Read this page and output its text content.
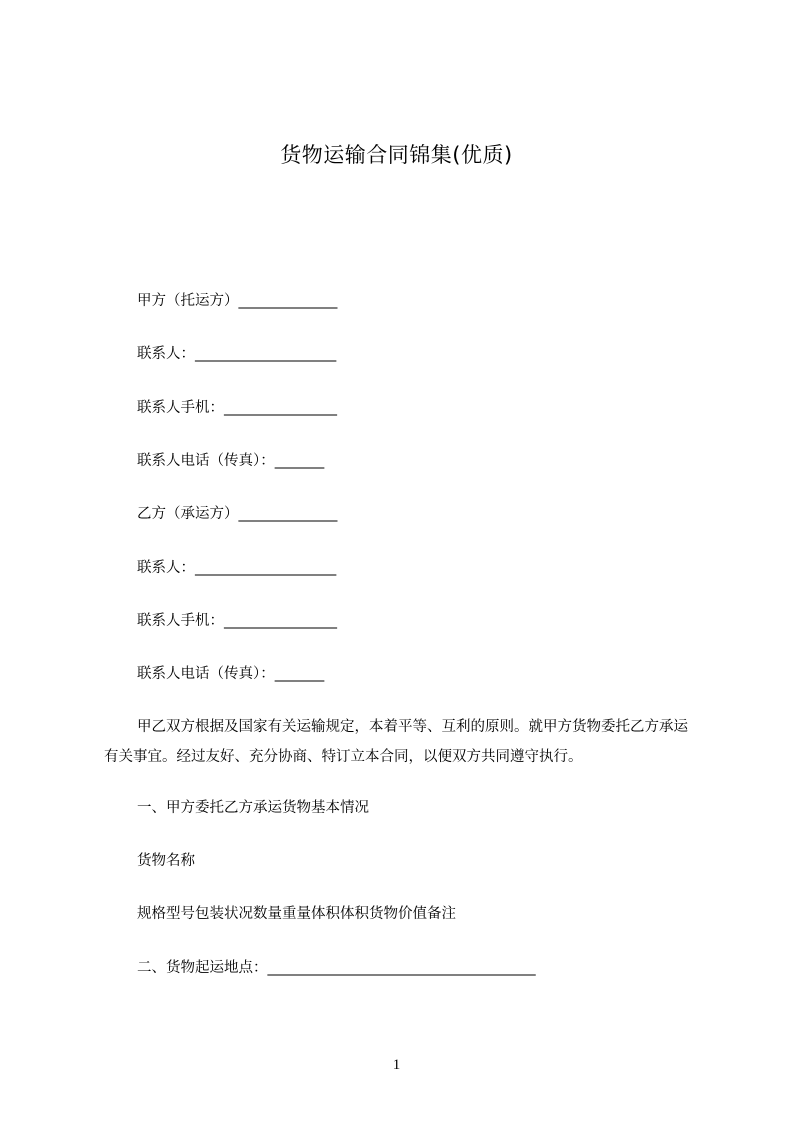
货物运输合同锦集(优质)
甲方（托运方）______________
联系人：____________________
联系人手机：________________
联系人电话（传真）：_______
乙方（承运方）______________
联系人：____________________
联系人手机：________________
联系人电话（传真）：_______
甲乙双方根据及国家有关运输规定，本着平等、互利的原则。就甲方货物委托乙方承运有关事宜。经过友好、充分协商、特订立本合同，以便双方共同遵守执行。
一、甲方委托乙方承运货物基本情况
货物名称
规格型号包装状况数量重量体积体积货物价值备注
二、货物起运地点：______________________________________
1
